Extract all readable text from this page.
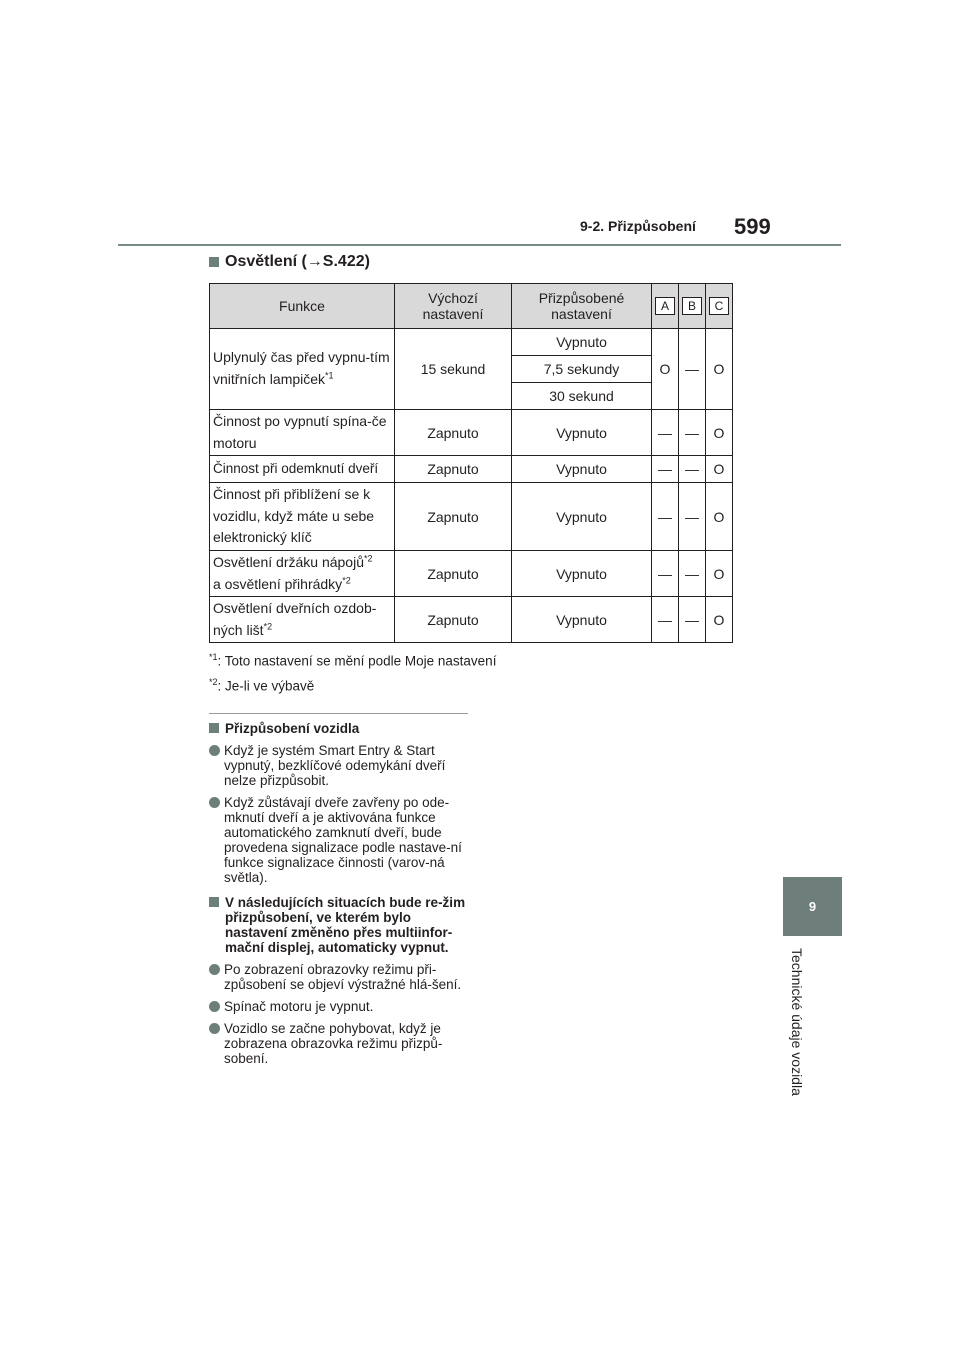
9-2. Přizpůsobení 599
9
Technické údaje vozidla
Osvětlení (→S.422)
Funkce	Výchozí nastavení	Přizpůsobené nastavení	A	B	C
Uplynulý čas před vypnu-tím vnitřních lampiček$^{*1}$	15 sekund	Vypnuto	O	—	O
		7,5 sekundy			
		30 sekund			
Činnost po vypnutí spína-če motoru	Zapnuto	Vypnuto	—	—	O
Činnost při odemknutí dveří	Zapnuto	Vypnuto	—	—	O
Činnost při přiblížení se k vozidlu, když máte u sebe elektronický klíč	Zapnuto	Vypnuto	—	—	O
Osvětlení držáku nápojů$^{*2}$
a osvětlení přihrádky$^{*2}$	Zapnuto	Vypnuto	—	—	O
Osvětlení dveřních ozdob-ných lišt$^{*2}$	Zapnuto	Vypnuto	—	—	O
$^{*1}$: Toto nastavení se mění podle Moje nastavení
$^{*2}$: Je-li ve výbavě
Přizpůsobení vozidla
Když je systém Smart Entry & Start vypnutý, bezklíčové odemykání dveří nelze přizpůsobit.
Když zůstávají dveře zavřeny po ode-mknutí dveří a je aktivována funkce automatického zamknutí dveří, bude provedena signalizace podle nastave-ní funkce signalizace činnosti (varov-ná světla).
V následujících situacích bude re-žim přizpůsobení, ve kterém bylo nastavení změněno přes multiinfor-mační displej, automaticky vypnut.
Po zobrazení obrazovky režimu při-způsobení se objeví výstražné hlá-šení.
Spínač motoru je vypnut.
Vozidlo se začne pohybovat, když je zobrazena obrazovka režimu přizpů-sobení.
